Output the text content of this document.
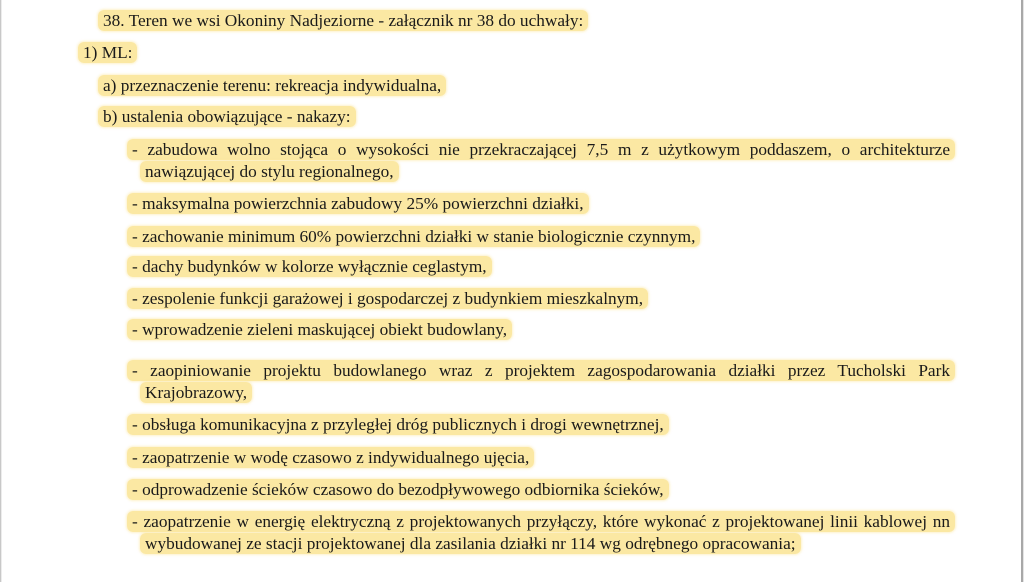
38. Teren we wsi Okoniny Nadjeziorne - załącznik nr 38 do uchwały:
1) ML:
a) przeznaczenie terenu: rekreacja indywidualna,
b) ustalenia obowiązujące - nakazy:
- zabudowa wolno stojąca o wysokości nie przekraczającej 7,5 m z użytkowym poddaszem, o architekturze nawiązującej do stylu regionalnego,
- maksymalna powierzchnia zabudowy 25% powierzchni działki,
- zachowanie minimum 60% powierzchni działki w stanie biologicznie czynnym,
- dachy budynków w kolorze wyłącznie ceglastym,
- zespolenie funkcji garażowej i gospodarczej z budynkiem mieszkalnym,
- wprowadzenie zieleni maskującej obiekt budowlany,
- zaopiniowanie projektu budowlanego wraz z projektem zagospodarowania działki przez Tucholski Park Krajobrazowy,
- obsługa komunikacyjna z przyległej dróg publicznych i drogi wewnętrznej,
- zaopatrzenie w wodę czasowo z indywidualnego ujęcia,
- odprowadzenie ścieków czasowo do bezodpływowego odbiornika ścieków,
- zaopatrzenie w energię elektryczną z projektowanych przyłączy, które wykonać z projektowanej linii kablowej nn wybudowanej ze stacji projektowanej dla zasilania działki nr 114 wg odrębnego opracowania;
